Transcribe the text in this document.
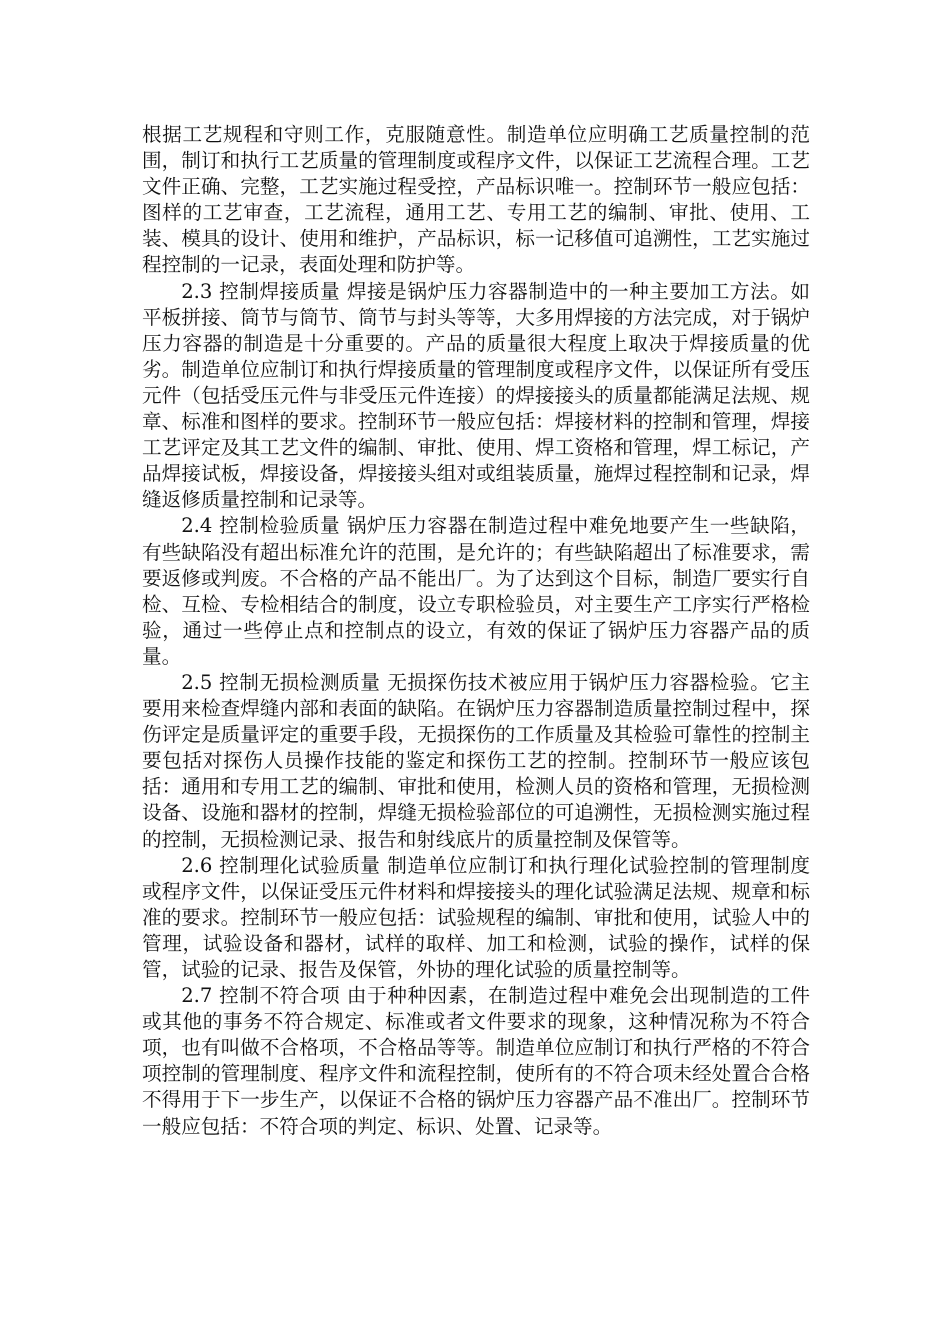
根据工艺规程和守则工作，克服随意性。制造单位应明确工艺质量控制的范围，制订和执行工艺质量的管理制度或程序文件，以保证工艺流程合理。工艺文件正确、完整，工艺实施过程受控，产品标识唯一。控制环节一般应包括：图样的工艺审查，工艺流程，通用工艺、专用工艺的编制、审批、使用、工装、模具的设计、使用和维护，产品标识，标一记移值可追溯性，工艺实施过程控制的一记录，表面处理和防护等。

2.3 控制焊接质量 焊接是锅炉压力容器制造中的一种主要加工方法。如平板拼接、筒节与筒节、筒节与封头等等，大多用焊接的方法完成，对于锅炉压力容器的制造是十分重要的。产品的质量很大程度上取决于焊接质量的优劣。制造单位应制订和执行焊接质量的管理制度或程序文件，以保证所有受压元件（包括受压元件与非受压元件连接）的焊接接头的质量都能满足法规、规章、标准和图样的要求。控制环节一般应包括：焊接材料的控制和管理，焊接工艺评定及其工艺文件的编制、审批、使用、焊工资格和管理，焊工标记，产品焊接试板，焊接设备，焊接接头组对或组装质量，施焊过程控制和记录，焊缝返修质量控制和记录等。

2.4 控制检验质量 锅炉压力容器在制造过程中难免地要产生一些缺陷，有些缺陷没有超出标准允许的范围，是允许的；有些缺陷超出了标准要求，需要返修或判废。不合格的产品不能出厂。为了达到这个目标，制造厂要实行自检、互检、专检相结合的制度，设立专职检验员，对主要生产工序实行严格检验，通过一些停止点和控制点的设立，有效的保证了锅炉压力容器产品的质量。

2.5 控制无损检测质量 无损探伤技术被应用于锅炉压力容器检验。它主要用来检查焊缝内部和表面的缺陷。在锅炉压力容器制造质量控制过程中，探伤评定是质量评定的重要手段，无损探伤的工作质量及其检验可靠性的控制主要包括对探伤人员操作技能的鉴定和探伤工艺的控制。控制环节一般应该包括：通用和专用工艺的编制、审批和使用，检测人员的资格和管理，无损检测设备、设施和器材的控制，焊缝无损检验部位的可追溯性，无损检测实施过程的控制，无损检测记录、报告和射线底片的质量控制及保管等。

2.6 控制理化试验质量 制造单位应制订和执行理化试验控制的管理制度或程序文件，以保证受压元件材料和焊接接头的理化试验满足法规、规章和标准的要求。控制环节一般应包括：试验规程的编制、审批和使用，试验人中的管理，试验设备和器材，试样的取样、加工和检测，试验的操作，试样的保管，试验的记录、报告及保管，外协的理化试验的质量控制等。

2.7 控制不符合项 由于种种因素，在制造过程中难免会出现制造的工件或其他的事务不符合规定、标准或者文件要求的现象，这种情况称为不符合项，也有叫做不合格项，不合格品等等。制造单位应制订和执行严格的不符合项控制的管理制度、程序文件和流程控制，使所有的不符合项未经处置合合格不得用于下一步生产，以保证不合格的锅炉压力容器产品不准出厂。控制环节一般应包括：不符合项的判定、标识、处置、记录等。
